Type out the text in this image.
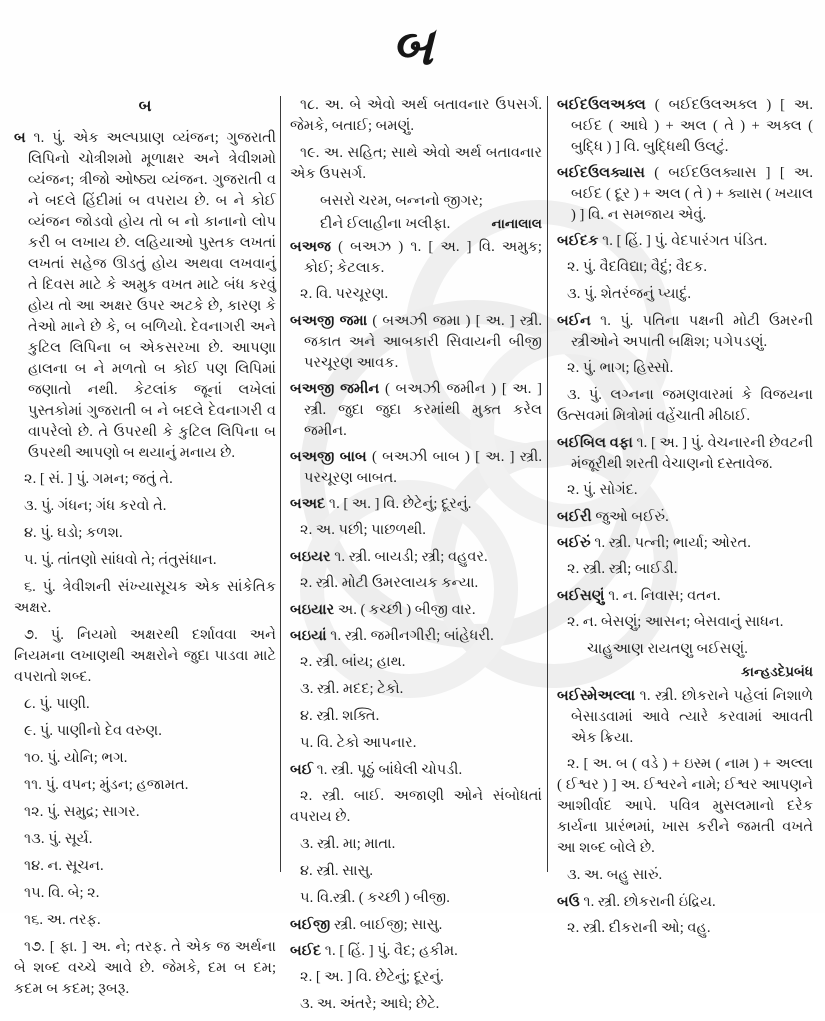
બ

બ

બ ૧. પું. એક અલ્પપ્રાણ વ્યંજન; ગુજરાતી લિપિનો ચોત્રીશમો મૂળાક્ષર અને ત્રેવીશમો વ્યંજન; ત્રીજો ઓષ્ઠ્ય વ્યંજન. ગુજરાતી વ ને બદલે હિંદીમાં બ વપરાય છે. બ ને કોઈ વ્યંજન જોડવો હોય તો બ નો કાનાનો લોપ કરી બ લખાય છે. લહિયાઓ પુસ્તક લખતાં લખતાં સહેજ ઊડતું હોય અથવા લખવાનું તે દિવસ માટે કે અમુક વખત માટે બંધ કરવું હોય તો આ અક્ષર ઉપર અટકે છે, કારણ કે તેઓ માને છે કે, બ બળિયો. દેવનાગરી અને કુટિલ લિપિના બ એકસરખા છે. આપણા હાલના બ ને મળતો બ કોઈ પણ લિપિમાં જણાતો નથી. કેટલાંક જૂનાં લખેલાં પુસ્તકોમાં ગુજરાતી બ ને બદલે દેવનાગરી વ વાપરેલો છે. તે ઉપરથી કે કુટિલ લિપિના બ ઉપરથી આપણો બ થયાનું મનાય છે.

૨. [ સં. ] પું. ગમન; જતું તે.

૩. પું. ગંધન; ગંધ કરવો તે.

૪. પું. ઘડો; કળશ.

૫. પું. તાંતણો સાંધવો તે; તંતુસંધાન.

૬. પું. ત્રેવીશની સંખ્યાસૂચક એક સાંકેતિક અક્ષર.

૭. પું. નિયમો અક્ષરથી દર્શાવવા અને નિયમના લખાણથી અક્ષરોને જુદા પાડવા માટે વપરાતો શબ્દ.

૮. પું. પાણી.

૯. પું. પાણીનો દેવ વરુણ.

૧૦. પું. યોનિ; ભગ.

૧૧. પું. વપન; મુંડન; હજામત.

૧૨. પું. સમુદ્ર; સાગર.

૧૩. પું. સૂર્ય.

૧૪. ન. સૂચન.

૧૫. વિ. બે; ૨.

૧૬. અ. તરફ.

૧૭. [ ફા. ] અ. ને; તરફ. તે એક જ અર્થના બે શબ્દ વચ્ચે આવે છે. જેમકે, દમ બ દમ; કદમ બ કદમ; રૂબરૂ.

૧૮. અ. બે એવો અર્થ બતાવનાર ઉપસર્ગ. જેમકે, બતાઈ; બમણું.

૧૯. અ. સહિત; સાથે એવો અર્થ બતાવનાર એક ઉપસર્ગ.

બસરો ચરમ, બન્નનો જીગર;

દીને ઈલાહીના ખલીફા.	નાનાલાલ

બઅજ ( બઅઝ ) ૧. [ અ. ] વિ. અમુક; કોઈ; કેટલાક.

૨. વિ. પરચૂરણ.

બઅજી જમા ( બઅઝી જમા ) [ અ. ] સ્ત્રી. જકાત અને આબકારી સિવાયની બીજી પરચૂરણ આવક.

બઅજી જમીન ( બઅઝી જમીન ) [ અ. ] સ્ત્રી. જુદા જુદા કરમાંથી મુક્ત કરેલ જમીન.

બઅજી બાબ ( બઅઝી બાબ ) [ અ. ] સ્ત્રી. પરચૂરણ બાબત.

બઅદ ૧. [ અ. ] વિ. છેટેનું; દૂરનું.

૨. અ. પછી; પાછળથી.

બઇયર ૧. સ્ત્રી. બાયડી; સ્ત્રી; વહુવર.

૨. સ્ત્રી. મોટી ઉમરલાયક કન્યા.

બઇયાર અ. ( કચ્છી ) બીજી વાર.

બઇયાં ૧. સ્ત્રી. જમીનગીરી; બાંહેધરી.

૨. સ્ત્રી. બાંય; હાથ.

૩. સ્ત્રી. મદદ; ટેકો.

૪. સ્ત્રી. શક્તિ.

૫. વિ. ટેકો આપનાર.

બઈ ૧. સ્ત્રી. પૂઠું બાંધેલી ચોપડી.

૨. સ્ત્રી. બાઈ. અજાણી ઓને સંબોધતાં વપરાય છે.

૩. સ્ત્રી. મા; માતા.

૪. સ્ત્રી. સાસુ.

૫. વિ.સ્ત્રી. ( કચ્છી ) બીજી.

બઈજી સ્ત્રી. બાઈજી; સાસુ.

બઈદ ૧. [ હિં. ] પું. વૈદ; હકીમ.

૨. [ અ. ] વિ. છેટેનું; દૂરનું.

૩. અ. અંતરે; આઘે; છેટે.

બઈદઉલઅક્લ ( બઈદઉલઅક્લ ) [ અ. બઈદ ( આઘે ) + અલ ( તે ) + અક્લ ( બુદ્ધિ ) ] વિ. બુદ્ધિથી ઉલટું.

બઈદઉલક્યાસ ( બઈદઉલક્યાસ ] [ અ. બઈદ ( દૂર ) + અલ ( તે ) + ક્યાસ ( ખયાલ ) ] વિ. ન સમજાય એવું.

બઈદક ૧. [ હિં. ] પું. વેદપારંગત પંડિત.

૨. પું. વૈદવિદ્યા; વૈદું; વૈદક.

૩. પું. શેતરંજનું પ્યાદું.

બઈન ૧. પું. પતિના પક્ષની મોટી ઉમરની સ્ત્રીઓને અપાતી બક્ષિશ; પગેપડણું.

૨. પું. ભાગ; હિસ્સો.

૩. પું. લગ્નના જમણવારમાં કે વિજયના ઉત્સવમાં મિત્રોમાં વહેંચાતી મીઠાઈ.

બઈબિલ વફા ૧. [ અ. ] પું. વેચનારની છેવટની મંજૂરીથી શરતી વેચાણનો દસ્તાવેજ.

૨. પું. સોગંદ.

બઈરી જુઓ બઈરું.

બઈરું ૧. સ્ત્રી. પત્ની; ભાર્યા; ઓરત.

૨. સ્ત્રી. સ્ત્રી; બાઈડી.

બઈસણું ૧. ન. નિવાસ; વતન.

૨. ન. બેસણું; આસન; બેસવાનું સાધન.

ચાહુઆણ રાયતણુ બઈસણું.

કાન્હડદેપ્રબંધ

બઈસ્મેઅલ્લા ૧. સ્ત્રી. છોકરાને પહેલાં નિશાળે બેસાડવામાં આવે ત્યારે કરવામાં આવતી એક ક્રિયા.

૨. [ અ. બ ( વડે ) + ઇસ્મ ( નામ ) + અલ્લા ( ઈશ્વર ) ] અ. ઈશ્વરને નામે; ઈશ્વર આપણને આશીર્વાદ આપે. પવિત્ર મુસલમાનો દરેક કાર્યના પ્રારંભમાં, ખાસ કરીને જમતી વખતે આ શબ્દ બોલે છે.

૩. અ. બહુ સારું.

બઉ ૧. સ્ત્રી. છોકરાની ઇંદ્રિય.

૨. સ્ત્રી. દીકરાની ઓ; વહુ.
